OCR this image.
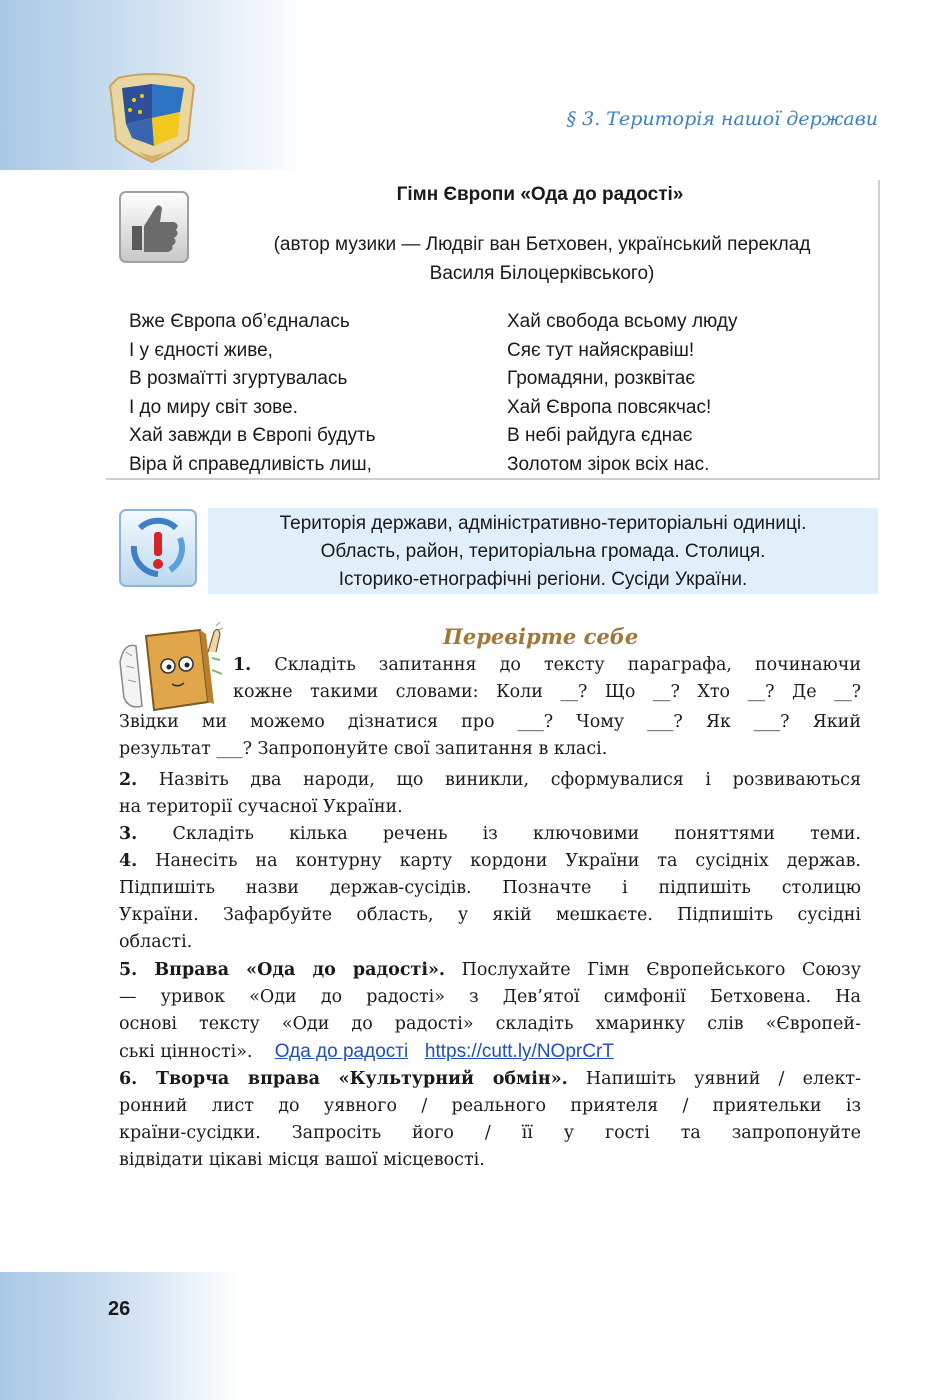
§ 3. Територія нашої держави
Гімн Європи «Ода до радості»
(автор музики — Людвіг ван Бетховен, український переклад
Василя Білоцерківського)
Вже Європа об’єдналась
І у єдності живе,
В розмаїтті згуртувалась
І до миру світ зове.
Хай завжди в Європі будуть
Віра й справедливість лиш,
Хай свобода всьому люду
Сяє тут найяскравіш!
Громадяни, розквітає
Хай Європа повсякчас!
В небі райдуга єднає
Золотом зірок всіх нас.
Територія держави, адміністративно-територіальні одиниці.
Область, район, територіальна громада. Столиця.
Історико-етнографічні регіони. Сусіди України.
Перевірте себе
1. Складіть запитання до тексту параграфа, починаючи
кожне такими словами: Коли __? Що __? Хто __? Де __?
Звідки ми можемо дізнатися про ___? Чому ___? Як ___? Який
результат ___? Запропонуйте свої запитання в класі.
2. Назвіть два народи, що виникли, сформувалися і розвиваються
на території сучасної України.
3. Складіть кілька речень із ключовими поняттями теми.
4. Нанесіть на контурну карту кордони України та сусідніх держав.
Підпишіть назви держав-сусідів. Позначте і підпишіть столицю
України. Зафарбуйте область, у якій мешкаєте. Підпишіть сусідні
області.
5. Вправа «Ода до радості». Послухайте Гімн Європейського Союзу
— уривок «Оди до радості» з Дев’ятої симфонії Бетховена. На
основі тексту «Оди до радості» складіть хмаринку слів «Європей-
ські цінності». Ода до радості https://cutt.ly/NOprCrT
6. Творча вправа «Культурний обмін». Напишіть уявний / елект-
ронний лист до уявного / реального приятеля / приятельки із
країни-сусідки. Запросіть його / її у гості та запропонуйте
відвідати цікаві місця вашої місцевості.
26
